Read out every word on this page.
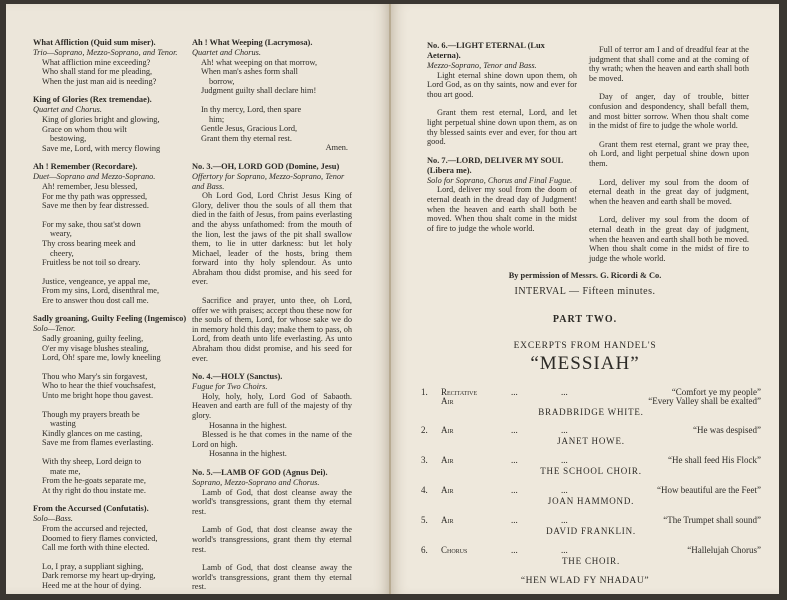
What Affliction (Quid sum miser).

Trio—Soprano, Mezzo-Soprano, and Tenor.

What affliction mine exceeding?

Who shall stand for me pleading,

When the just man aid is needing?

King of Glories (Rex tremendae).

Quartet and Chorus.

King of glories bright and glowing,

Grace on whom thou wilt

bestowing,

Save me, Lord, with mercy flowing

Ah ! Remember (Recordare).

Duet—Soprano and Mezzo-Soprano.

Ah! remember, Jesu blessed,

For me thy path was oppressed,

Save me then by fear distressed.

For my sake, thou sat'st down

weary,

Thy cross bearing meek and

cheery,

Fruitless be not toil so dreary.

Justice, vengeance, ye appal me,

From my sins, Lord, disenthral me,

Ere to answer thou dost call me.

Sadly groaning, Guilty Feeling (Ingemisco)

Solo—Tenor.

Sadly groaning, guilty feeling,

O'er my visage blushes stealing,

Lord, Oh! spare me, lowly kneeling

Thou who Mary's sin forgavest,

Who to hear the thief vouchsafest,

Unto me bright hope thou gavest.

Though my prayers breath be

wasting

Kindly glances on me casting,

Save me from flames everlasting.

With thy sheep, Lord deign to

mate me,

From the he-goats separate me,

At thy right do thou instate me.

From the Accursed (Confutatis).

Solo—Bass.

From the accursed and rejected,

Doomed to fiery flames convicted,

Call me forth with thine elected.

Lo, I pray, a suppliant sighing,

Dark remorse my heart up-drying,

Heed me at the hour of dying.

Ah ! What Weeping (Lacrymosa).

Quartet and Chorus.

Ah! what weeping on that morrow,

When man's ashes form shall

borrow,

Judgment guilty shall declare him!

In thy mercy, Lord, then spare

him;

Gentle Jesus, Gracious Lord,

Grant them thy eternal rest.

Amen.

No. 3.—OH, LORD GOD (Domine, Jesu)

Offertory for Soprano, Mezzo-Soprano, Tenor and Bass.

Oh Lord God, Lord Christ Jesus King of Glory, deliver thou the souls of all them that died in the faith of Jesus, from pains everlasting and the abyss unfathomed: from the mouth of the lion, lest the jaws of the pit shall swallow them, to lie in utter darkness: but let holy Michael, leader of the hosts, bring them forward into thy holy splendour. As unto Abraham thou didst promise, and his seed for ever.

Sacrifice and prayer, unto thee, oh Lord, offer we with praises; accept thou these now for the souls of them, Lord, for whose sake we do in memory hold this day; make them to pass, oh Lord, from death unto life everlasting. As unto Abraham thou didst promise, and his seed for ever.

No. 4.—HOLY (Sanctus).

Fugue for Two Choirs.

Holy, holy, holy, Lord God of Sabaoth. Heaven and earth are full of the majesty of thy glory.

Hosanna in the highest.

Blessed is he that comes in the name of the Lord on high.

Hosanna in the highest.

No. 5.—LAMB OF GOD (Agnus Dei).

Soprano, Mezzo-Soprano and Chorus.

Lamb of God, that dost cleanse away the world's transgressions, grant them thy eternal rest.

Lamb of God, that dost cleanse away the world's transgressions, grant them thy eternal rest.

Lamb of God, that dost cleanse away the world's transgressions, grant them thy eternal rest.

No. 6.—LIGHT ETERNAL (Lux Aeterna).

Mezzo-Soprano, Tenor and Bass.

Light eternal shine down upon them, oh Lord God, as on thy saints, now and ever for thou art good.

Grant them rest eternal, Lord, and let light perpetual shine down upon them, as on thy blessed saints ever and ever, for thou art good.

No. 7.—LORD, DELIVER MY SOUL (Libera me).

Solo for Soprano, Chorus and Final Fugue.

Lord, deliver my soul from the doom of eternal death in the dread day of Judgment! when the heaven and earth shall both be moved. When thou shalt come in the midst of fire to judge the whole world.

Full of terror am I and of dreadful fear at the judgment that shall come and at the coming of thy wrath; when the heaven and earth shall both be moved.

Day of anger, day of trouble, bitter confusion and despondency, shall befall them, and most bitter sorrow. When thou shalt come in the midst of fire to judge the whole world.

Grant them rest eternal, grant we pray thee, oh Lord, and light perpetual shine down upon them.

Lord, deliver my soul from the doom of eternal death in the great day of judgment, when the heaven and earth shall be moved.

Lord, deliver my soul from the doom of eternal death in the great day of judgment, when the heaven and earth shall both be moved. When thou shalt come in the midst of fire to judge the whole world.

By permission of Messrs. G. Ricordi & Co.

INTERVAL — Fifteen minutes.

PART TWO.

EXCERPTS FROM HANDEL'S

“MESSIAH”

1. Recitative	...	...	“Comfort ye my people”
Air	“Every Valley shall be exalted”
BRADBRIDGE WHITE.
2. Air	...	...	“He was despised”
JANET HOWE.
3. Air	...	...	“He shall feed His Flock”
THE SCHOOL CHOIR.
4. Air	...	...	“How beautiful are the Feet”
JOAN HAMMOND.
5. Air	...	...	“The Trumpet shall sound”
DAVID FRANKLIN.
6. Chorus	...	...	“Hallelujah Chorus”
THE CHOIR.

“HEN WLAD FY NHADAU”
